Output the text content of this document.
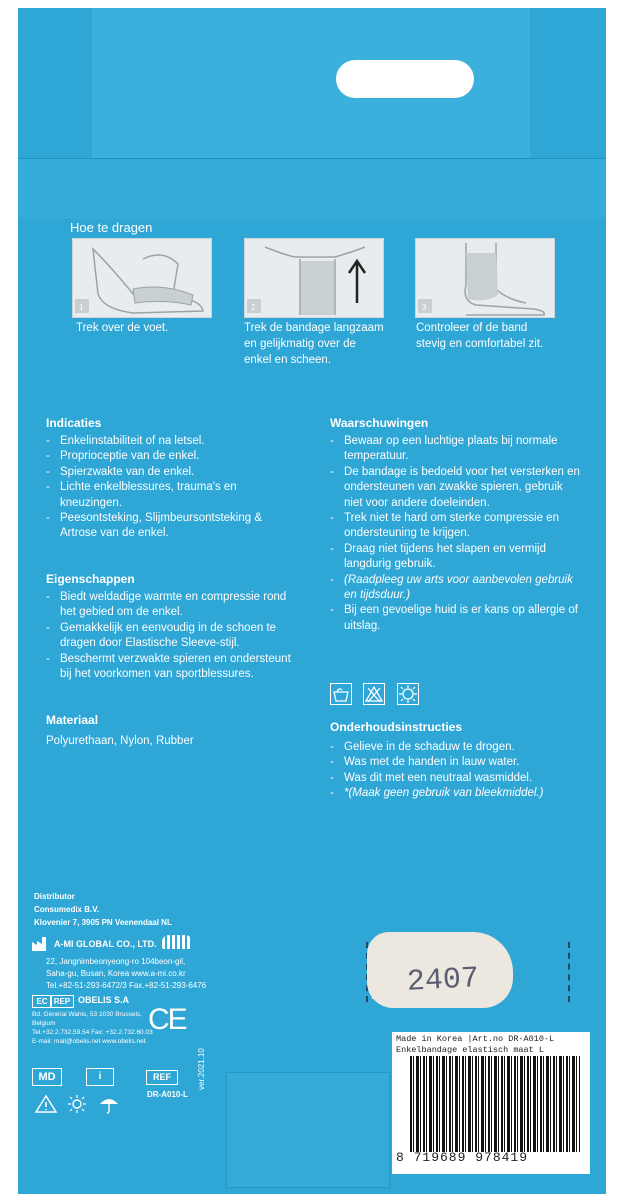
Hoe te dragen
1	2	3
Trek over de voet.	Trek de bandage langzaam
en gelijkmatig over de
enkel en scheen.
Controleer of de band
stevig en comfortabel zit.
Indicaties
- Enkelinstabiliteit of na letsel.
- Proprioceptie van de enkel.
- Spierzwakte van de enkel.
- Lichte enkelblessures, trauma's en kneuzingen.
- Peesontsteking, Slijmbeursontsteking & Artrose van de enkel.
Eigenschappen
- Biedt weldadige warmte en compressie rond het gebied om de enkel.
- Gemakkelijk en eenvoudig in de schoen te dragen door Elastische Sleeve-stijl.
- Beschermt verzwakte spieren en ondersteunt bij het voorkomen van sportblessures.
Materiaal
Polyurethaan, Nylon, Rubber
Waarschuwingen
- Bewaar op een luchtige plaats bij normale temperatuur.
- De bandage is bedoeld voor het versterken en ondersteunen van zwakke spieren, gebruik niet voor andere doeleinden.
- Trek niet te hard om sterke compressie en ondersteuning te krijgen.
- Draag niet tijdens het slapen en vermijd langdurig gebruik.
- (Raadpleeg uw arts voor aanbevolen gebruik en tijdsduur.)
- Bij een gevoelige huid is er kans op allergie of uitslag.
Onderhoudsinstructies
- Gelieve in de schaduw te drogen.
- Was met de handen in lauw water.
- Was dit met een neutraal wasmiddel.
- *(Maak geen gebruik van bleekmiddel.)
Distributor
Consumedix B.V.
Klovenier 7, 3905 PN Veenendaal NL
A-MI GLOBAL CO., LTD.
22, Jangnimbeonyeong-ro 104beon-gil,
Saha-gu, Busan, Korea www.a-mi.co.kr
Tel.+82-51-293-6472/3 Fax.+82-51-293-6476
EC REP OBELIS S.A
Bd. Général Wahis, 53 1030 Brussels,
Belgium
Tel.+32.2.732.59.54 Fax: +32.2.732.60.03
E-mail: mail@obelis.net www.obelis.net
CE
MD	i	REF
DR-A010-L
ver.2021.10
2407
Made in Korea |Art.no DR-A010-L
Enkelbandage elastisch maat L
8 719689 978419
